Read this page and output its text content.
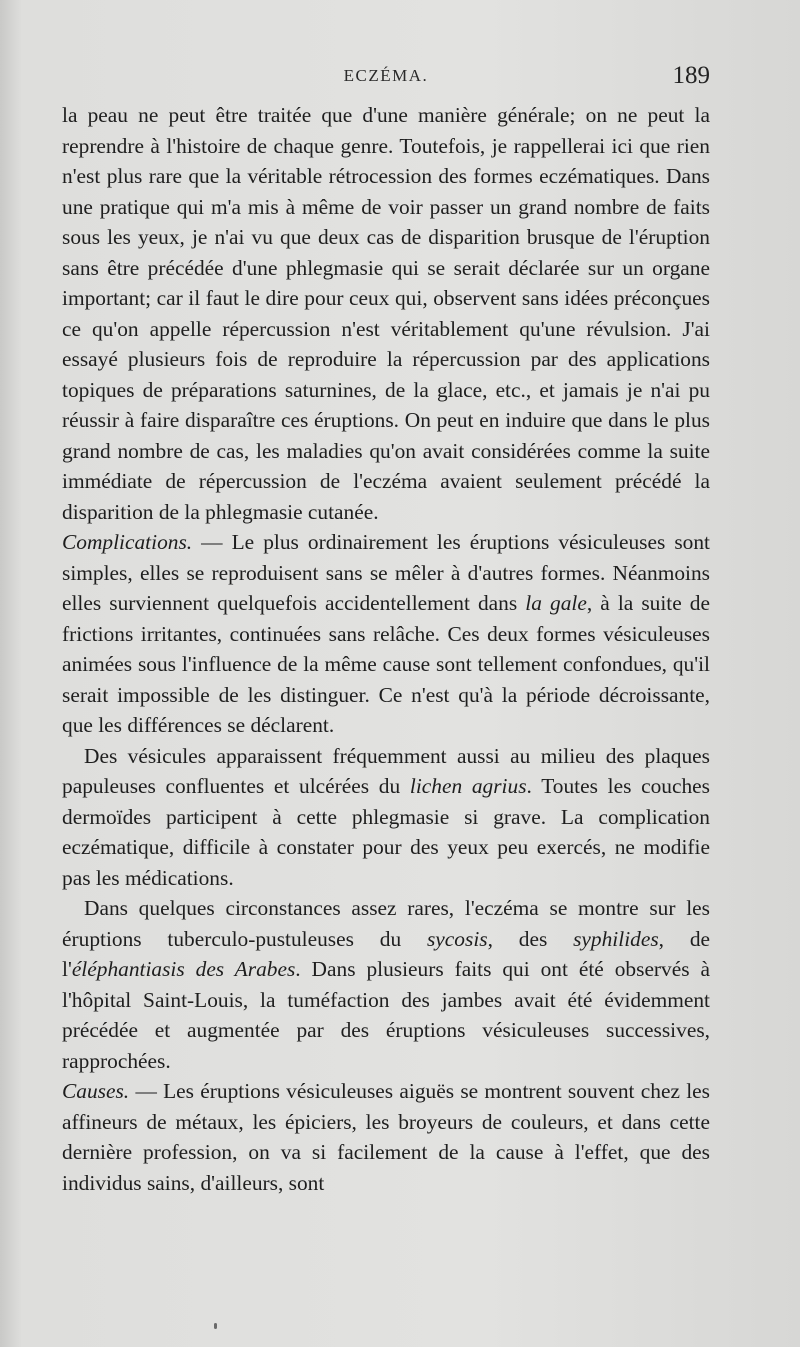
ECZÉMA.	189

la peau ne peut être traitée que d'une manière générale; on ne peut la reprendre à l'histoire de chaque genre. Toutefois, je rappellerai ici que rien n'est plus rare que la véritable rétrocession des formes eczématiques. Dans une pratique qui m'a mis à même de voir passer un grand nombre de faits sous les yeux, je n'ai vu que deux cas de disparition brusque de l'éruption sans être précédée d'une phlegmasie qui se serait déclarée sur un organe important; car il faut le dire pour ceux qui, observent sans idées préconçues ce qu'on appelle répercussion n'est véritablement qu'une révulsion. J'ai essayé plusieurs fois de reproduire la répercussion par des applications topiques de préparations saturnines, de la glace, etc., et jamais je n'ai pu réussir à faire disparaître ces éruptions. On peut en induire que dans le plus grand nombre de cas, les maladies qu'on avait considérées comme la suite immédiate de répercussion de l'eczéma avaient seulement précédé la disparition de la phlegmasie cutanée.

Complications. — Le plus ordinairement les éruptions vésiculeuses sont simples, elles se reproduisent sans se mêler à d'autres formes. Néanmoins elles surviennent quelquefois accidentellement dans la gale, à la suite de frictions irritantes, continuées sans relâche. Ces deux formes vésiculeuses animées sous l'influence de la même cause sont tellement confondues, qu'il serait impossible de les distinguer. Ce n'est qu'à la période décroissante, que les différences se déclarent.

Des vésicules apparaissent fréquemment aussi au milieu des plaques papuleuses confluentes et ulcérées du lichen agrius. Toutes les couches dermoïdes participent à cette phlegmasie si grave. La complication eczématique, difficile à constater pour des yeux peu exercés, ne modifie pas les médications.

Dans quelques circonstances assez rares, l'eczéma se montre sur les éruptions tuberculo-pustuleuses du sycosis, des syphilides, de l'éléphantiasis des Arabes. Dans plusieurs faits qui ont été observés à l'hôpital Saint-Louis, la tuméfaction des jambes avait été évidemment précédée et augmentée par des éruptions vésiculeuses successives, rapprochées.

Causes. — Les éruptions vésiculeuses aiguës se montrent souvent chez les affineurs de métaux, les épiciers, les broyeurs de couleurs, et dans cette dernière profession, on va si facilement de la cause à l'effet, que des individus sains, d'ailleurs, sont
